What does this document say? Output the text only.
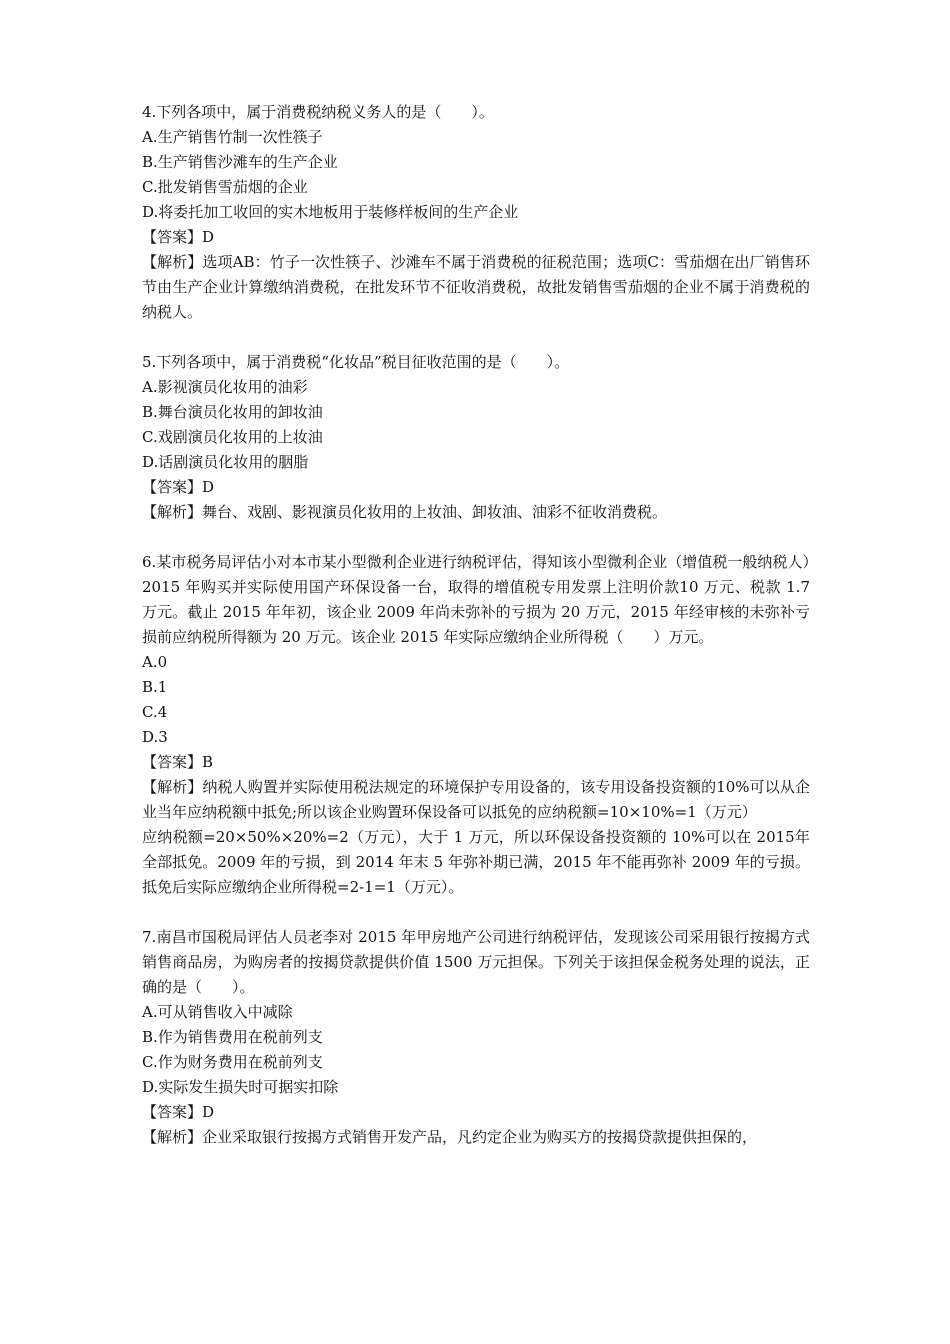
4.下列各项中，属于消费税纳税义务人的是（　　）。
A.生产销售竹制一次性筷子
B.生产销售沙滩车的生产企业
C.批发销售雪茄烟的企业
D.将委托加工收回的实木地板用于装修样板间的生产企业
【答案】D
【解析】选项AB：竹子一次性筷子、沙滩车不属于消费税的征税范围；选项C：雪茄烟在出厂销售环节由生产企业计算缴纳消费税，在批发环节不征收消费税，故批发销售雪茄烟的企业不属于消费税的纳税人。
5.下列各项中，属于消费税“化妆品”税目征收范围的是（　　）。
A.影视演员化妆用的油彩
B.舞台演员化妆用的卸妆油
C.戏剧演员化妆用的上妆油
D.话剧演员化妆用的胭脂
【答案】D
【解析】舞台、戏剧、影视演员化妆用的上妆油、卸妆油、油彩不征收消费税。
6.某市税务局评估小对本市某小型微利企业进行纳税评估，得知该小型微利企业（增值税一般纳税人）2015 年购买并实际使用国产环保设备一台，取得的增值税专用发票上注明价款10 万元、税款 1.7 万元。截止 2015 年年初，该企业 2009 年尚未弥补的亏损为 20 万元，2015 年经审核的未弥补亏损前应纳税所得额为 20 万元。该企业 2015 年实际应缴纳企业所得税（　　）万元。
A.0
B.1
C.4
D.3
【答案】B
【解析】纳税人购置并实际使用税法规定的环境保护专用设备的，该专用设备投资额的10%可以从企业当年应纳税额中抵免;所以该企业购置环保设备可以抵免的应纳税额=10×10%=1（万元）
应纳税额=20×50%×20%=2（万元），大于 1 万元，所以环保设备投资额的 10%可以在 2015年全部抵免。2009 年的亏损，到 2014 年末 5 年弥补期已满，2015 年不能再弥补 2009 年的亏损。抵免后实际应缴纳企业所得税=2-1=1（万元）。
7.南昌市国税局评估人员老李对 2015 年甲房地产公司进行纳税评估，发现该公司采用银行按揭方式销售商品房，为购房者的按揭贷款提供价值 1500 万元担保。下列关于该担保金税务处理的说法，正确的是（　　）。
A.可从销售收入中减除
B.作为销售费用在税前列支
C.作为财务费用在税前列支
D.实际发生损失时可据实扣除
【答案】D
【解析】企业采取银行按揭方式销售开发产品，凡约定企业为购买方的按揭贷款提供担保的，
